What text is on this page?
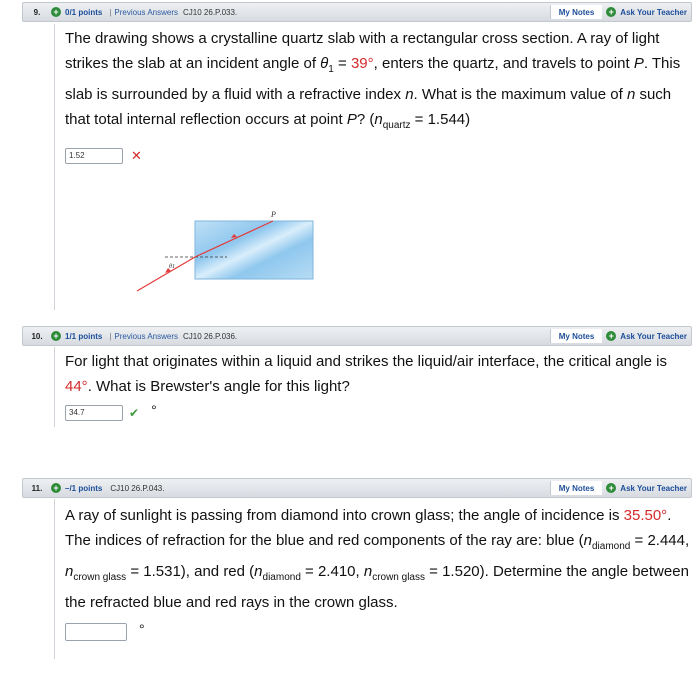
9.	+ 0/1 points | Previous Answers CJ10 26.P.033.	My Notes	+ Ask Your Teacher

The drawing shows a crystalline quartz slab with a rectangular cross section. A ray of light strikes the slab at an incident angle of $\theta_1 = 39^\circ$, enters the quartz, and travels to point P. This slab is surrounded by a fluid with a refractive index n. What is the maximum value of n such that total internal reflection occurs at point P? $(n_{quartz} = 1.544)$

1.52	✕
P
θ1
10.	+ 1/1 points | Previous Answers CJ10 26.P.036.	My Notes	+ Ask Your Teacher

For light that originates within a liquid and strikes the liquid/air interface, the critical angle is 44°. What is Brewster's angle for this light?

34.7	✔ °
11.	+ –/1 points CJ10 26.P.043.	My Notes	+ Ask Your Teacher

A ray of sunlight is passing from diamond into crown glass; the angle of incidence is 35.50°. The indices of refraction for the blue and red components of the ray are: blue ($n_{diamond} = 2.444$, $n_{crown glass} = 1.531$), and red ($n_{diamond} = 2.410$, $n_{crown glass} = 1.520$). Determine the angle between the refracted blue and red rays in the crown glass.

°
